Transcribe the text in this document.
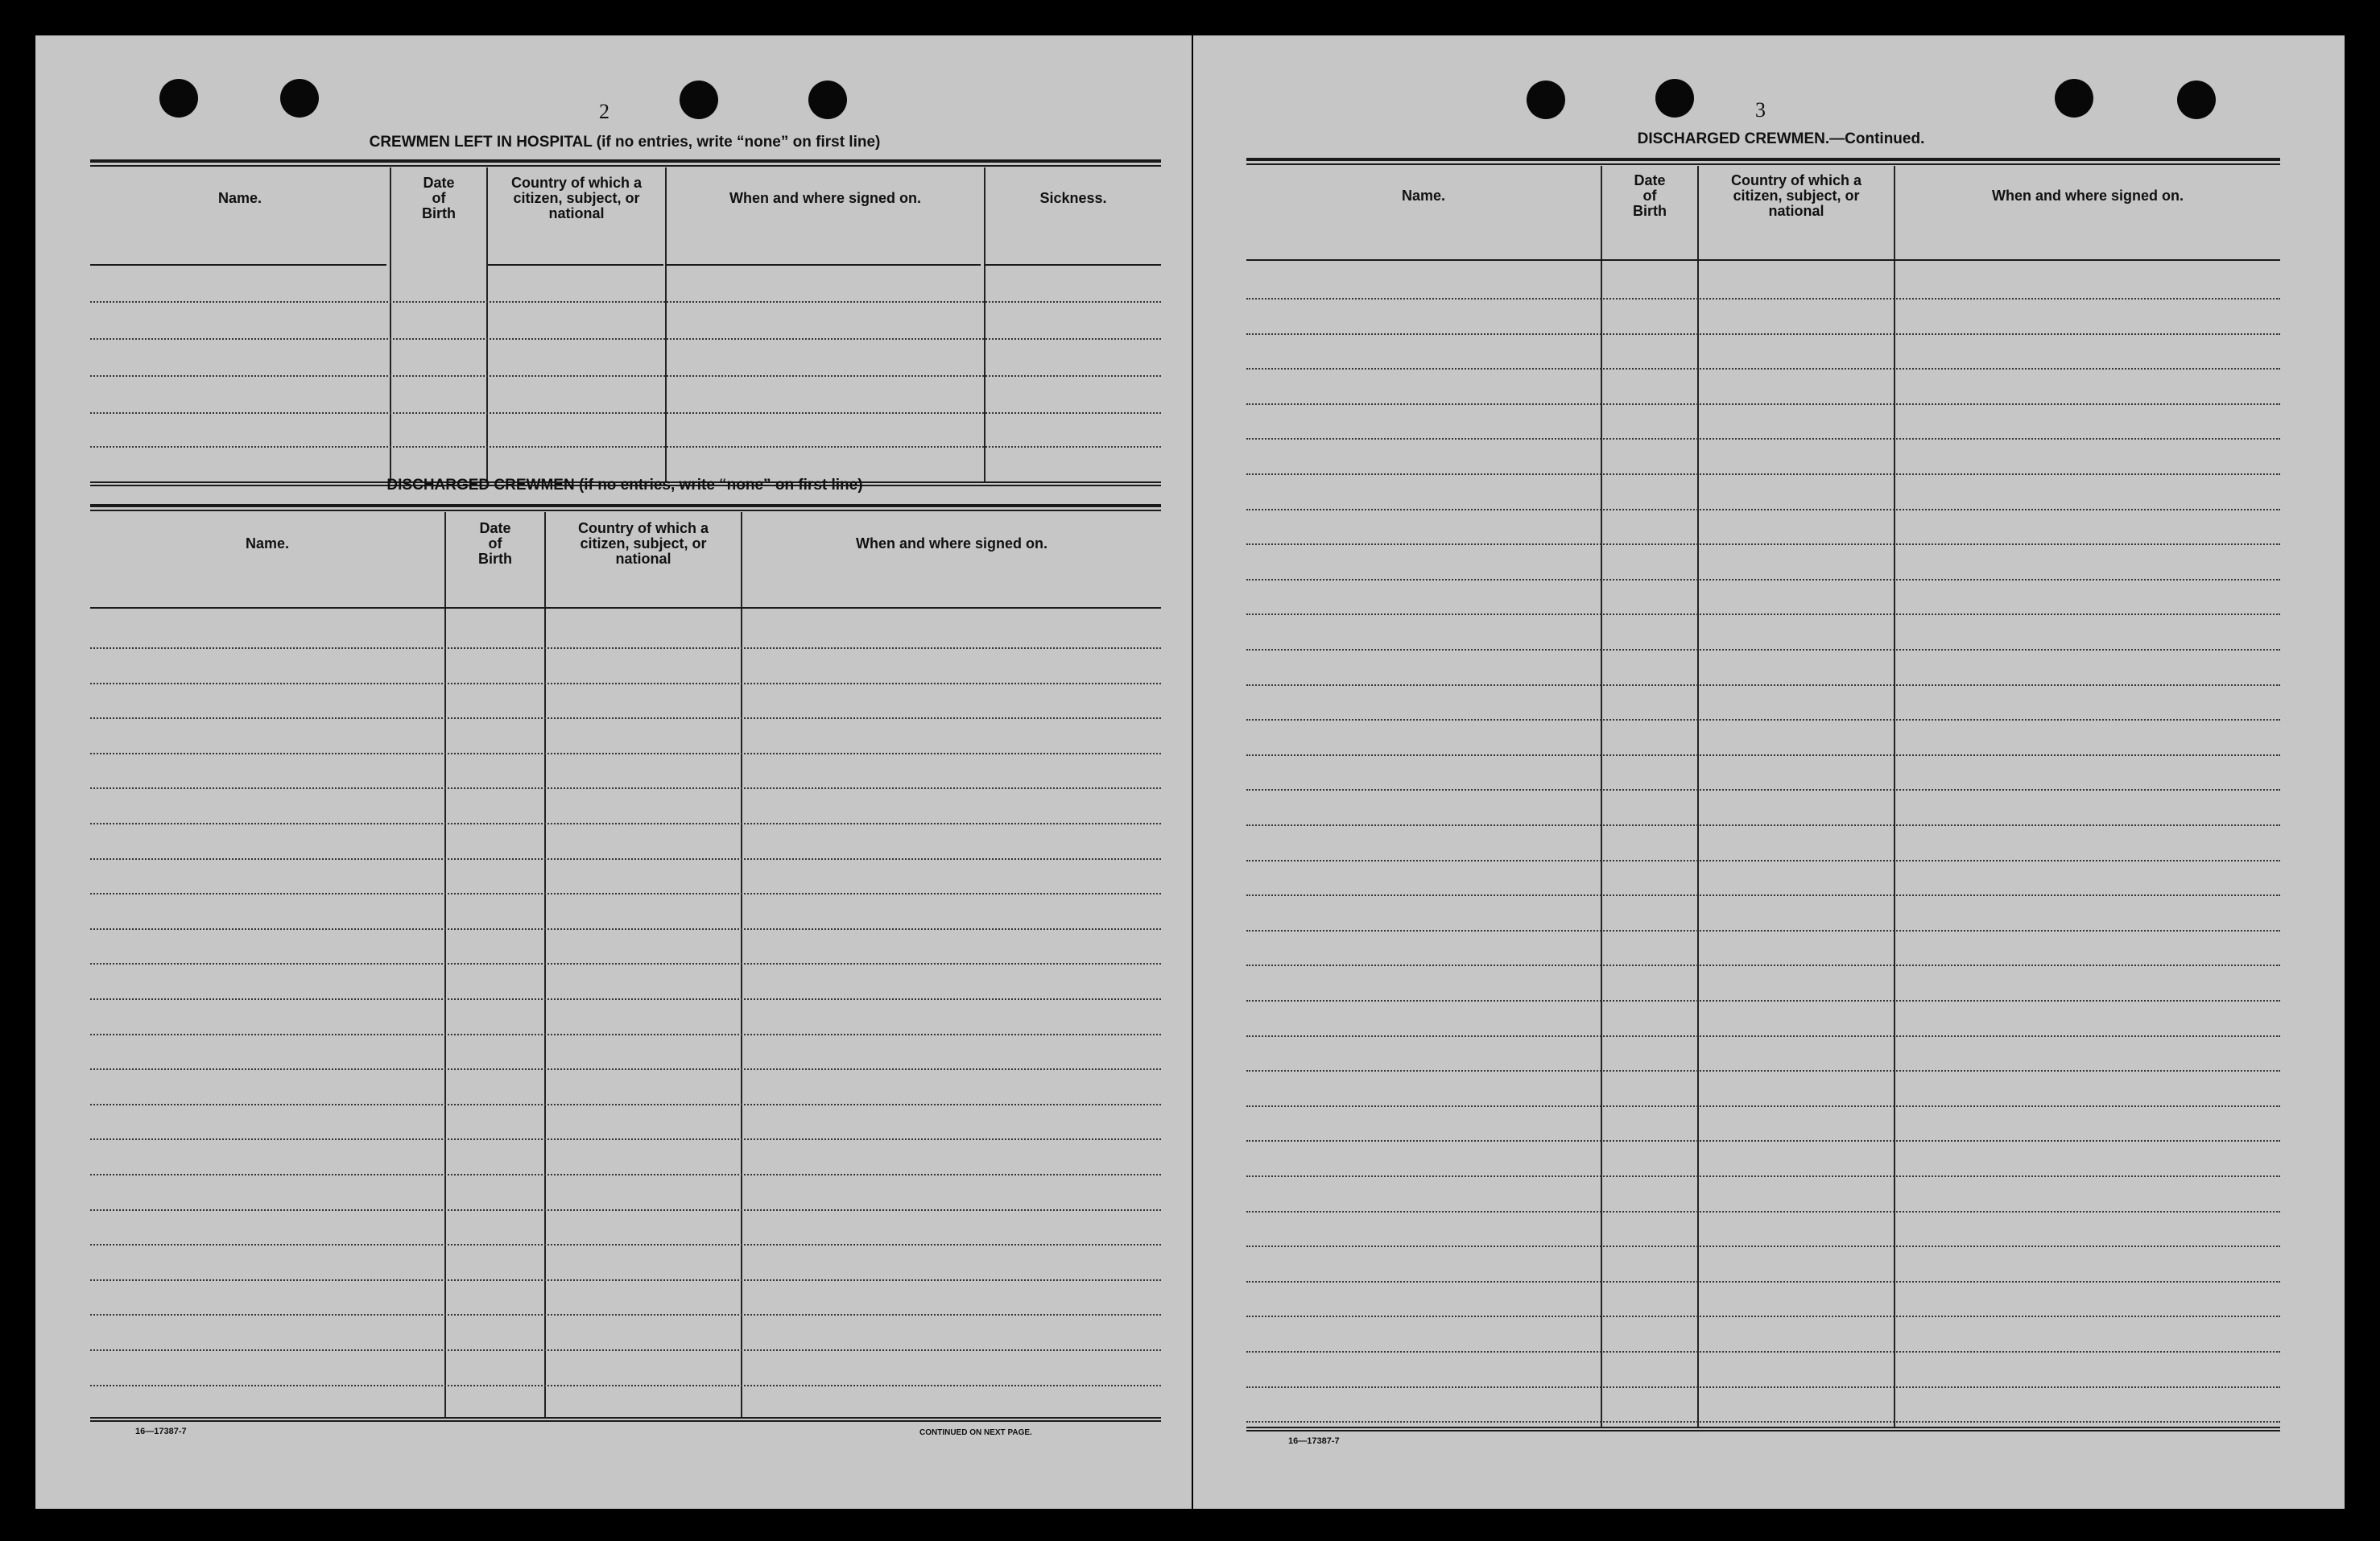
2
CREWMEN LEFT IN HOSPITAL (if no entries, write “none” on first line)
Name.
Date
of
Birth
Country of which a
citizen, subject, or
national
When and where signed on.	Sickness.
DISCHARGED CREWMEN (if no entries, write “none” on first line)
Name.
Date
of
Birth
Country of which a
citizen, subject, or
national
When and where signed on.
16—17387-7	CONTINUED ON NEXT PAGE.
3
DISCHARGED CREWMEN.—Continued.
Name.
Date
of
Birth
Country of which a
citizen, subject, or
national
When and where signed on.
16—17387-7
